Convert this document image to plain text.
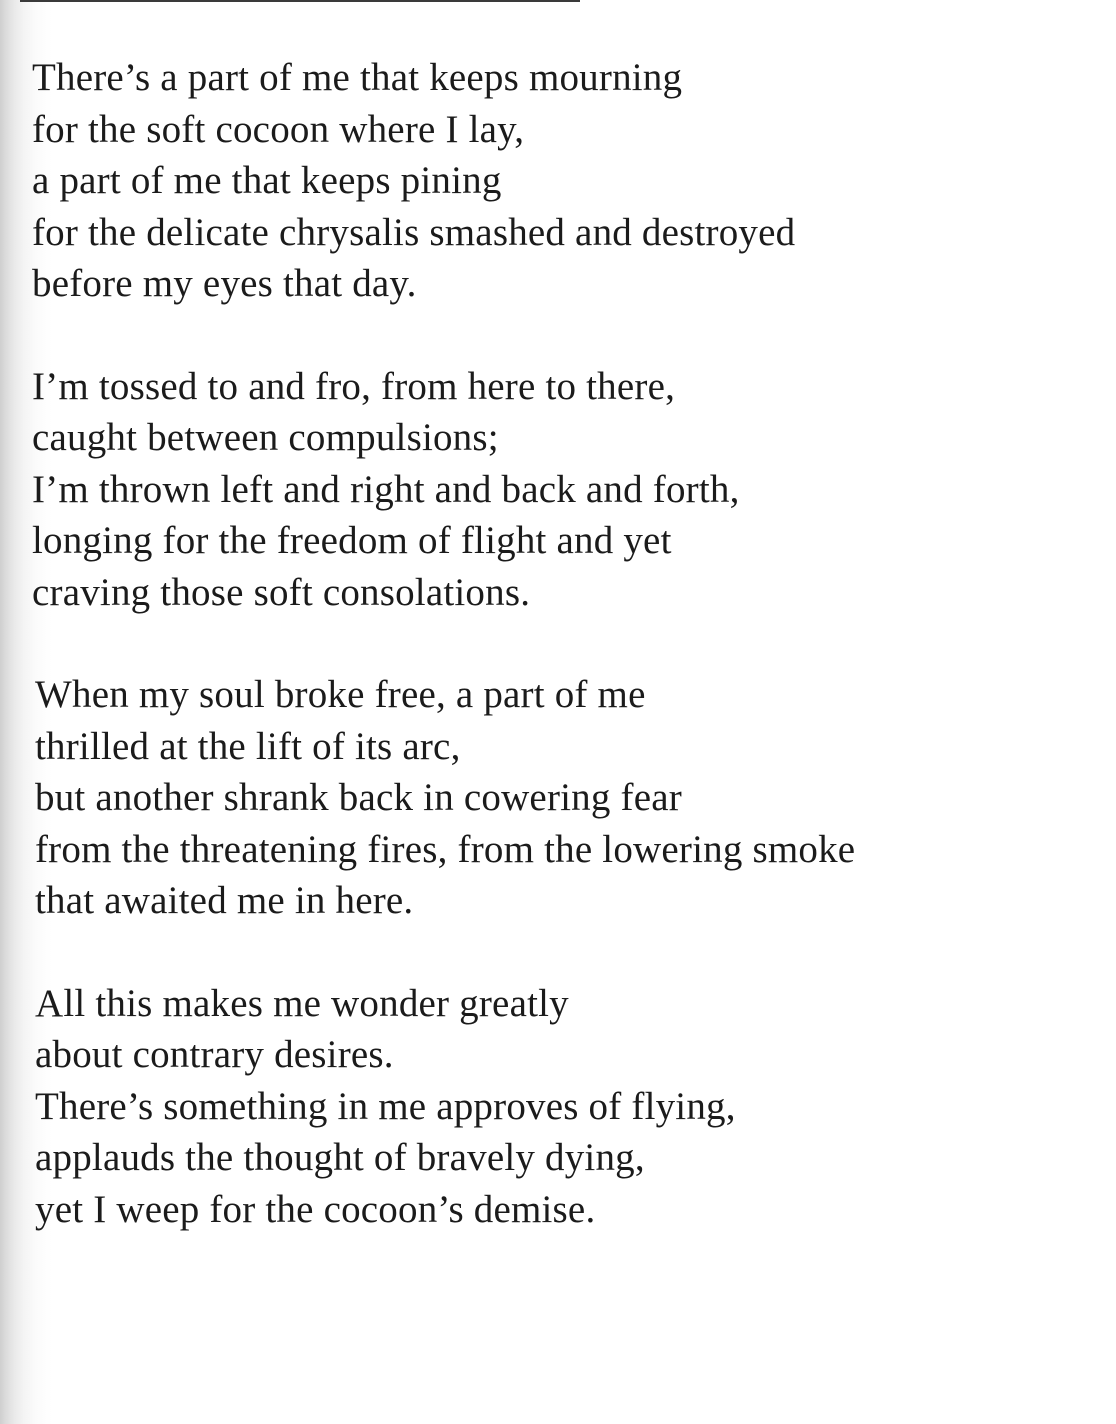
There’s a part of me that keeps mourning
for the soft cocoon where I lay,
a part of me that keeps pining
for the delicate chrysalis smashed and destroyed
before my eyes that day.
I’m tossed to and fro, from here to there,
caught between compulsions;
I’m thrown left and right and back and forth,
longing for the freedom of flight and yet
craving those soft consolations.
When my soul broke free, a part of me
thrilled at the lift of its arc,
but another shrank back in cowering fear
from the threatening fires, from the lowering smoke
that awaited me in here.
All this makes me wonder greatly
about contrary desires.
There’s something in me approves of flying,
applauds the thought of bravely dying,
yet I weep for the cocoon’s demise.
